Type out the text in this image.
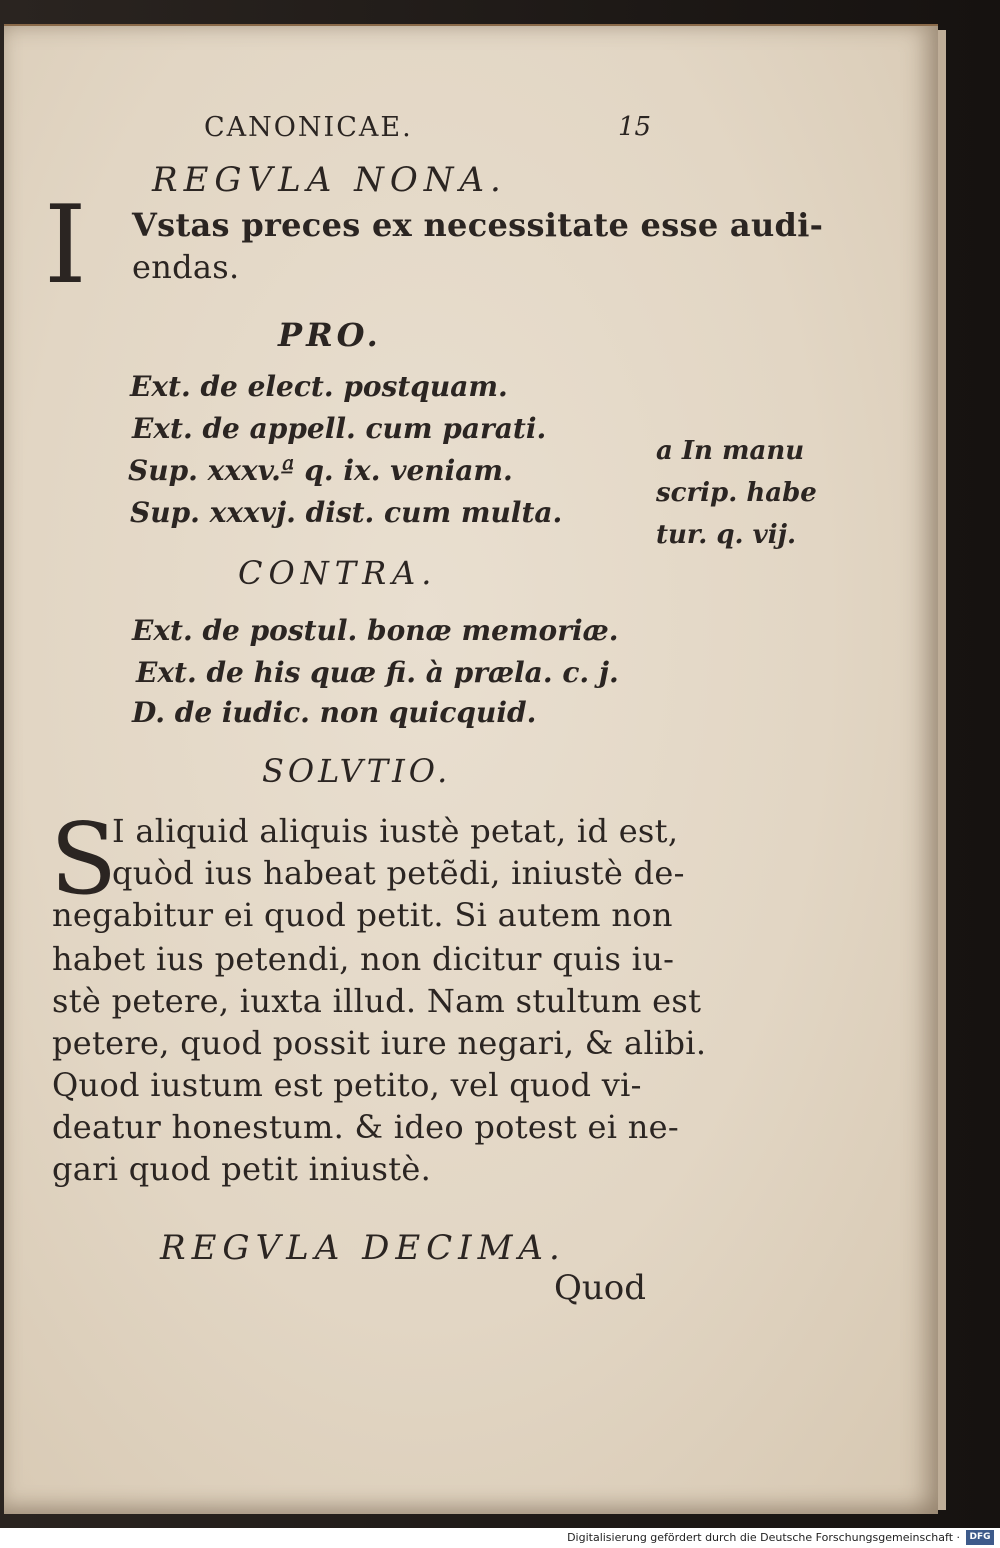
CANONICAE.	15
REGVLA NONA.
I Vstas preces ex necessitate esse audi-
endas.
PRO.
Ext. de elect. postquam.
Ext. de appell. cum parati.
Sup. xxxv.ª q. ix. veniam.
Sup. xxxvj. dist. cum multa.
a In manu
scrip. habe
tur. q. vij.
CONTRA.
Ext. de postul. bonæ memoriæ.
Ext. de his quæ fi. à præla. c. j.
D. de iudic. non quicquid.
SOLVTIO.
S
I aliquid aliquis iustè petat, id est,
quòd ius habeat petẽdi, iniustè de-
negabitur ei quod petit. Si autem non
habet ius petendi, non dicitur quis iu-
stè petere, iuxta illud. Nam stultum est
petere, quod possit iure negari, & alibi.
Quod iustum est petito, vel quod vi-
deatur honestum. & ideo potest ei ne-
gari quod petit iniustè.
REGVLA DECIMA.
Quod
Digitalisierung gefördert durch die Deutsche Forschungsgemeinschaft ·	DFG
